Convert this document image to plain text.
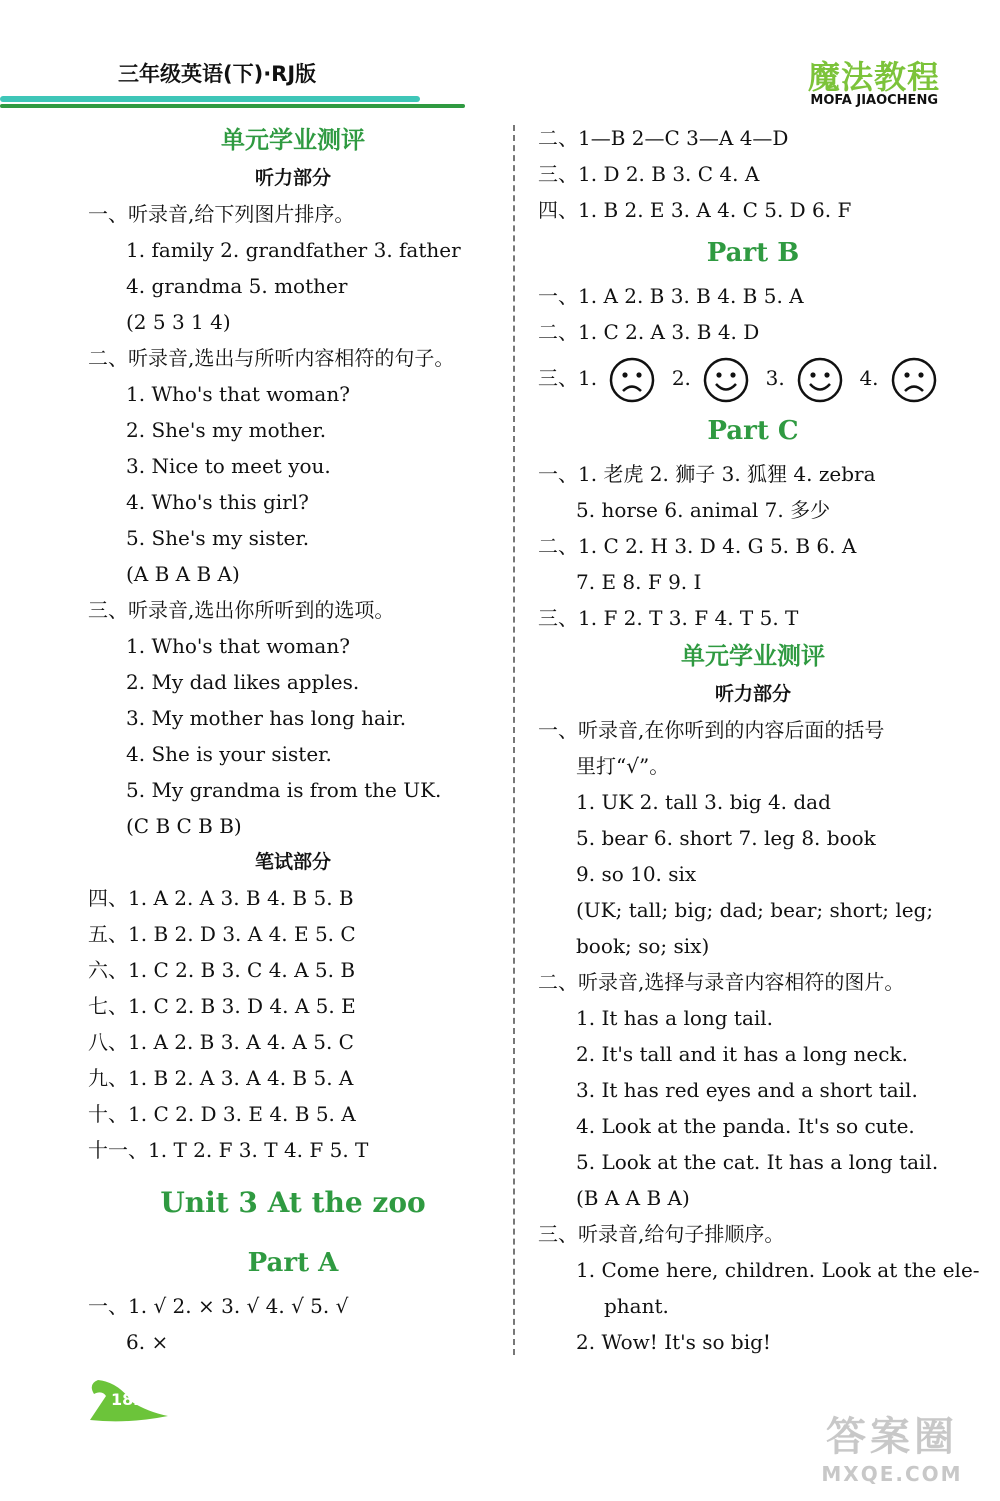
三年级英语(下)·RJ版	魔法教程
MOFA JIAOCHENG
单元学业测评
听力部分
一、听录音,给下列图片排序。
1. family 2. grandfather 3. father
4. grandma 5. mother
(2 5 3 1 4)
二、听录音,选出与所听内容相符的句子。
1. Who's that woman?
2. She's my mother.
3. Nice to meet you.
4. Who's this girl?
5. She's my sister.
(A B A B A)
三、听录音,选出你所听到的选项。
1. Who's that woman?
2. My dad likes apples.
3. My mother has long hair.
4. She is your sister.
5. My grandma is from the UK.
(C B C B B)
笔试部分
四、1. A 2. A 3. B 4. B 5. B
五、1. B 2. D 3. A 4. E 5. C
六、1. C 2. B 3. C 4. A 5. B
七、1. C 2. B 3. D 4. A 5. E
八、1. A 2. B 3. A 4. A 5. C
九、1. B 2. A 3. A 4. B 5. A
十、1. C 2. D 3. E 4. B 5. A
十一、1. T 2. F 3. T 4. F 5. T
Unit 3 At the zoo
Part A
一、1. √ 2. × 3. √ 4. √ 5. √
6. ×
二、1—B 2—C 3—A 4—D
三、1. D 2. B 3. C 4. A
四、1. B 2. E 3. A 4. C 5. D 6. F
Part B
一、1. A 2. B 3. B 4. B 5. A
二、1. C 2. A 3. B 4. D
三、1.	2.	3.	4.
Part C
一、1. 老虎 2. 狮子 3. 狐狸 4. zebra
5. horse 6. animal 7. 多少
二、1. C 2. H 3. D 4. G 5. B 6. A
7. E 8. F 9. I
三、1. F 2. T 3. F 4. T 5. T
单元学业测评
听力部分
一、听录音,在你听到的内容后面的括号
里打“√”。
1. UK 2. tall 3. big 4. dad
5. bear 6. short 7. leg 8. book
9. so 10. six
(UK; tall; big; dad; bear; short; leg;
book; so; six)
二、听录音,选择与录音内容相符的图片。
1. It has a long tail.
2. It's tall and it has a long neck.
3. It has red eyes and a short tail.
4. Look at the panda. It's so cute.
5. Look at the cat. It has a long tail.
(B A A B A)
三、听录音,给句子排顺序。
1. Come here, children. Look at the ele-
phant.
2. Wow! It's so big!
182
答案圈
MXQE.COM
